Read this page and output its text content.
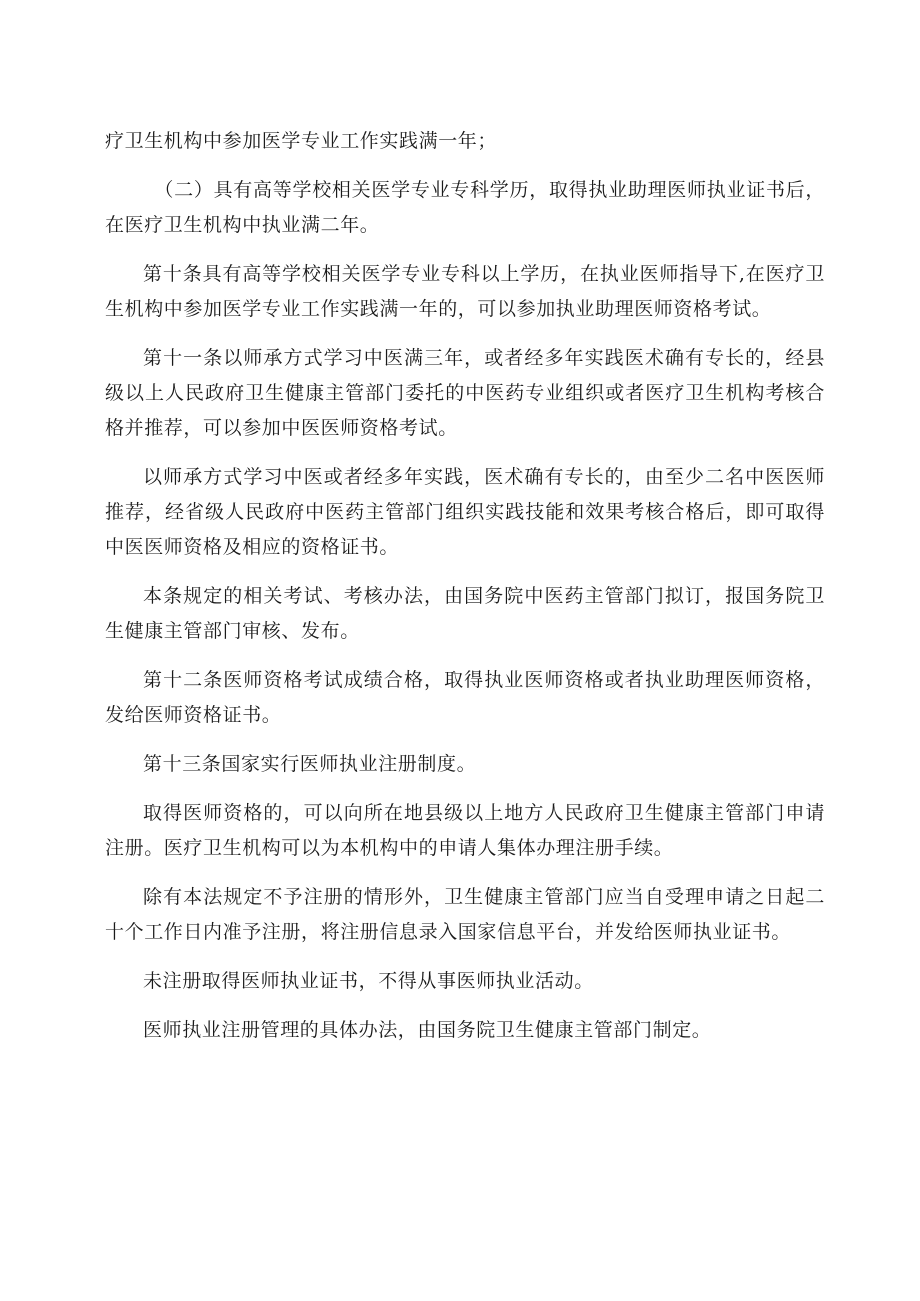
疗卫生机构中参加医学专业工作实践满一年；

（二）具有高等学校相关医学专业专科学历，取得执业助理医师执业证书后，在医疗卫生机构中执业满二年。

第十条具有高等学校相关医学专业专科以上学历，在执业医师指导下,在医疗卫生机构中参加医学专业工作实践满一年的，可以参加执业助理医师资格考试。

第十一条以师承方式学习中医满三年，或者经多年实践医术确有专长的，经县级以上人民政府卫生健康主管部门委托的中医药专业组织或者医疗卫生机构考核合格并推荐，可以参加中医医师资格考试。

以师承方式学习中医或者经多年实践，医术确有专长的，由至少二名中医医师推荐，经省级人民政府中医药主管部门组织实践技能和效果考核合格后，即可取得中医医师资格及相应的资格证书。

本条规定的相关考试、考核办法，由国务院中医药主管部门拟订，报国务院卫生健康主管部门审核、发布。

第十二条医师资格考试成绩合格，取得执业医师资格或者执业助理医师资格，发给医师资格证书。

第十三条国家实行医师执业注册制度。

取得医师资格的，可以向所在地县级以上地方人民政府卫生健康主管部门申请注册。医疗卫生机构可以为本机构中的申请人集体办理注册手续。

除有本法规定不予注册的情形外，卫生健康主管部门应当自受理申请之日起二十个工作日内准予注册，将注册信息录入国家信息平台，并发给医师执业证书。

未注册取得医师执业证书，不得从事医师执业活动。

医师执业注册管理的具体办法，由国务院卫生健康主管部门制定。
